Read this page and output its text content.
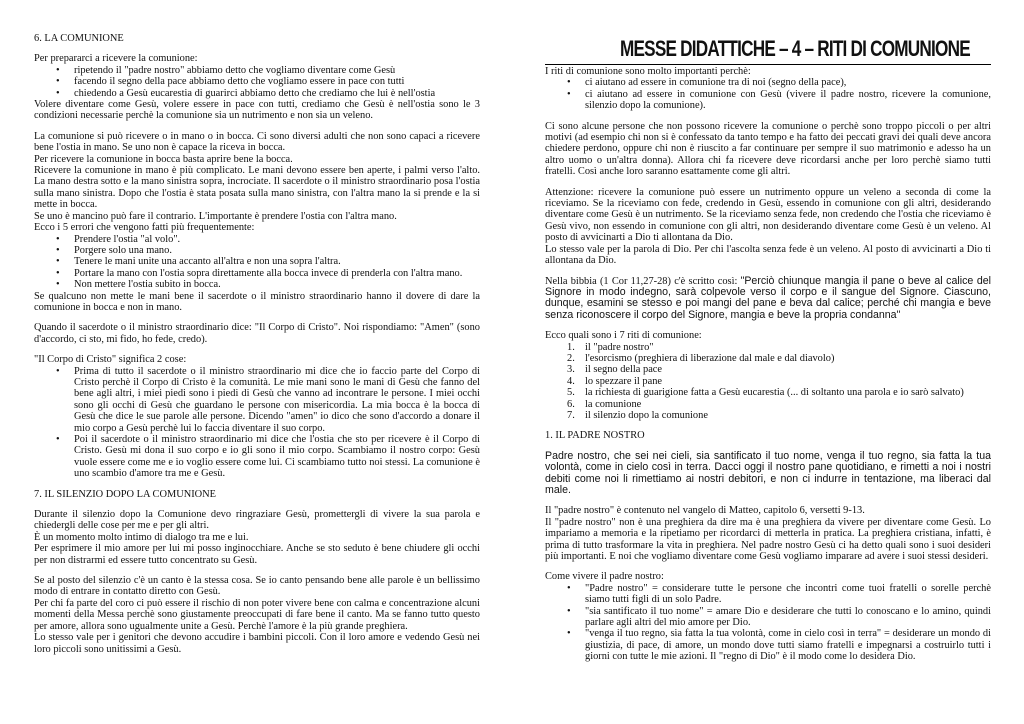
6. LA COMUNIONE

Per prepararci a ricevere la comunione:

• ripetendo il "padre nostro" abbiamo detto che vogliamo diventare come Gesù
• facendo il segno della pace abbiamo detto che vogliamo essere in pace con tutti
• chiedendo a Gesù eucarestia di guarirci abbiamo detto che crediamo che lui è nell'ostia

Volere diventare come Gesù, volere essere in pace con tutti, crediamo che Gesù è nell'ostia sono le 3 condizioni necessarie perchè la comunione sia un nutrimento e non sia un veleno.

La comunione si può ricevere o in mano o in bocca. Ci sono diversi adulti che non sono capaci a ricevere bene l'ostia in mano. Se uno non è capace la riceva in bocca.

Per ricevere la comunione in bocca basta aprire bene la bocca.

Ricevere la comunione in mano è più complicato. Le mani devono essere ben aperte, i palmi verso l'alto. La mano destra sotto e la mano sinistra sopra, incrociate. Il sacerdote o il ministro straordinario posa l'ostia sulla mano sinistra. Dopo che l'ostia è stata posata sulla mano sinistra, con l'altra mano la si prende e la si mette in bocca.

Se uno è mancino può fare il contrario. L'importante è prendere l'ostia con l'altra mano.

Ecco i 5 errori che vengono fatti più frequentemente:

• Prendere l'ostia "al volo".
• Porgere solo una mano.
• Tenere le mani unite una accanto all'altra e non una sopra l'altra.
• Portare la mano con l'ostia sopra direttamente alla bocca invece di prenderla con l'altra mano.
• Non mettere l'ostia subito in bocca.

Se qualcuno non mette le mani bene il sacerdote o il ministro straordinario hanno il dovere di dare la comunione in bocca e non in mano.

Quando il sacerdote o il ministro straordinario dice: "Il Corpo di Cristo". Noi rispondiamo: "Amen" (sono d'accordo, ci sto, mi fido, ho fede, credo).

"Il Corpo di Cristo" significa 2 cose:

• Prima di tutto il sacerdote o il ministro straordinario mi dice che io faccio parte del Corpo di Cristo perchè il Corpo di Cristo è la comunità. Le mie mani sono le mani di Gesù che fanno del bene agli altri, i miei piedi sono i piedi di Gesù che vanno ad incontrare le persone. I miei occhi sono gli occhi di Gesù che guardano le persone con misericordia. La mia bocca è la bocca di Gesù che dice le sue parole alle persone. Dicendo "amen" io dico che sono d'accordo a donare il mio corpo a Gesù perchè lui lo faccia diventare il suo corpo.
• Poi il sacerdote o il ministro straordinario mi dice che l'ostia che sto per ricevere è il Corpo di Cristo. Gesù mi dona il suo corpo e io gli sono il mio corpo. Scambiamo il nostro corpo: Gesù vuole essere come me e io voglio essere come lui. Ci scambiamo tutto noi stessi. La comunione è uno scambio d'amore tra me e Gesù.

7. IL SILENZIO DOPO LA COMUNIONE

Durante il silenzio dopo la Comunione devo ringraziare Gesù, promettergli di vivere la sua parola e chiedergli delle cose per me e per gli altri.

È un momento molto intimo di dialogo tra me e lui.

Per esprimere il mio amore per lui mi posso inginocchiare. Anche se sto seduto è bene chiudere gli occhi per non distrarmi ed essere tutto concentrato su Gesù.

Se al posto del silenzio c'è un canto è la stessa cosa. Se io canto pensando bene alle parole è un bellissimo modo di entrare in contatto diretto con Gesù.

Per chi fa parte del coro ci può essere il rischio di non poter vivere bene con calma e concentrazione alcuni momenti della Messa perchè sono giustamente preoccupati di fare bene il canto. Ma se fanno tutto questo per amore, allora sono ugualmente unite a Gesù. Perchè l'amore è la più grande preghiera.

Lo stesso vale per i genitori che devono accudire i bambini piccoli. Con il loro amore e vedendo Gesù nei loro piccoli sono unitissimi a Gesù.

MESSE DIDATTICHE – 4 – RITI DI COMUNIONE

I riti di comunione sono molto importanti perchè:

• ci aiutano ad essere in comunione tra di noi (segno della pace),
• ci aiutano ad essere in comunione con Gesù (vivere il padre nostro, ricevere la comunione, silenzio dopo la comunione).

Ci sono alcune persone che non possono ricevere la comunione o perchè sono troppo piccoli o per altri motivi (ad esempio chi non si è confessato da tanto tempo e ha fatto dei peccati gravi dei quali deve ancora chiedere perdono, oppure chi non è riuscito a far continuare per sempre il suo matrimonio e adesso ha un altro uomo o un'altra donna). Allora chi fa ricevere deve ricordarsi anche per loro perchè siamo tutti fratelli. Così anche loro saranno esattamente come gli altri.

Attenzione: ricevere la comunione può essere un nutrimento oppure un veleno a seconda di come la riceviamo. Se la riceviamo con fede, credendo in Gesù, essendo in comunione con gli altri, desiderando diventare come Gesù è un nutrimento. Se la riceviamo senza fede, non credendo che l'ostia che riceviamo è Gesù vivo, non essendo in comunione con gli altri, non desiderando diventare come Gesù è un veleno. Al posto di avvicinarti a Dio ti allontana da Dio.

Lo stesso vale per la parola di Dio. Per chi l'ascolta senza fede è un veleno. Al posto di avvicinarti a Dio ti allontana da Dio.

Nella bibbia (1 Cor 11,27-28) c'è scritto così: "Perciò chiunque mangia il pane o beve al calice del Signore in modo indegno, sarà colpevole verso il corpo e il sangue del Signore. Ciascuno, dunque, esamini se stesso e poi mangi del pane e beva dal calice; perché chi mangia e beve senza riconoscere il corpo del Signore, mangia e beve la propria condanna"

Ecco quali sono i 7 riti di comunione:

1. il "padre nostro"
2. l'esorcismo (preghiera di liberazione dal male e dal diavolo)
3. il segno della pace
4. lo spezzare il pane
5. la richiesta di guarigione fatta a Gesù eucarestia (... di soltanto una parola e io sarò salvato)
6. la comunione
7. il silenzio dopo la comunione

1. IL PADRE NOSTRO

Padre nostro, che sei nei cieli, sia santificato il tuo nome, venga il tuo regno, sia fatta la tua volontà, come in cielo così in terra. Dacci oggi il nostro pane quotidiano, e rimetti a noi i nostri debiti come noi li rimettiamo ai nostri debitori, e non ci indurre in tentazione, ma liberaci dal male.

Il "padre nostro" è contenuto nel vangelo di Matteo, capitolo 6, versetti 9-13.

Il "padre nostro" non è una preghiera da dire ma è una preghiera da vivere per diventare come Gesù. Lo impariamo a memoria e la ripetiamo per ricordarci di metterla in pratica. La preghiera cristiana, infatti, è prima di tutto trasformare la vita in preghiera. Nel padre nostro Gesù ci ha detto quali sono i suoi desideri più importanti. E noi che vogliamo diventare come Gesù vogliamo imparare ad avere i suoi stessi desideri.

Come vivere il padre nostro:

• "Padre nostro" = considerare tutte le persone che incontri come tuoi fratelli o sorelle perchè siamo tutti figli di un solo Padre.
• "sia santificato il tuo nome" = amare Dio e desiderare che tutti lo conoscano e lo amino, quindi parlare agli altri del mio amore per Dio.
• "venga il tuo regno, sia fatta la tua volontà, come in cielo così in terra" = desiderare un mondo di giustizia, di pace, di amore, un mondo dove tutti siamo fratelli e impegnarsi a costruirlo tutti i giorni con tutte le mie azioni. Il "regno di Dio" è il modo come lo desidera Dio.
